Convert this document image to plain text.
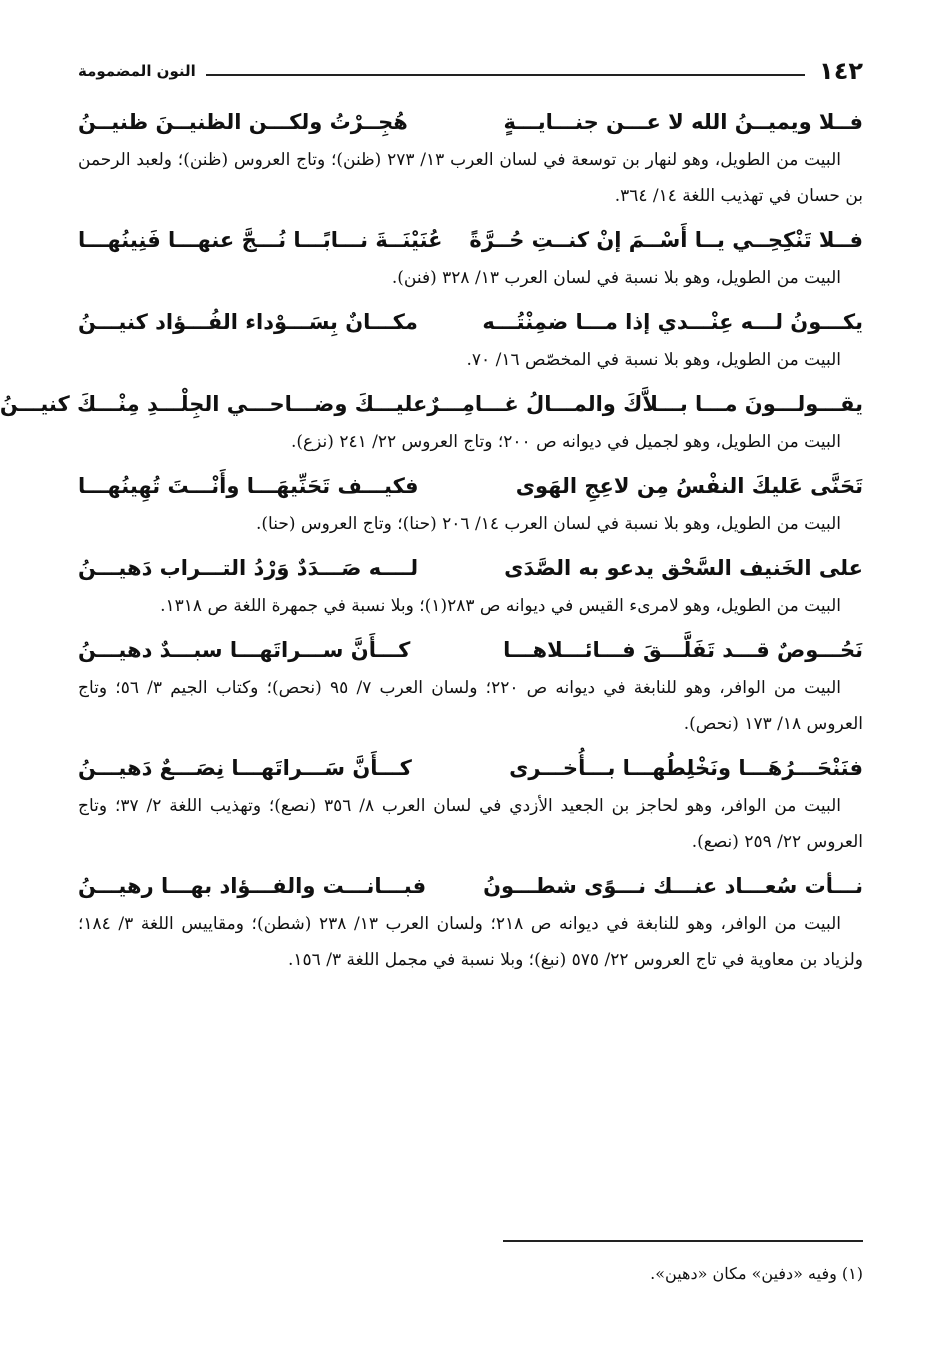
١٤٢
النون المضمومة
فــلا ويميــنُ الله لا عـــن جنـــايـــةٍ
هُجِــرْتُ ولكـــن الظنيــنَ ظنيــنُ

البيت من الطويل، وهو لنهار بن توسعة في لسان العرب ١٣/ ٢٧٣ (ظنن)؛ وتاج العروس (ظنن)؛ ولعبد الرحمن بن حسان في تهذيب اللغة ١٤/ ٣٦٤.

فــلا تَنْكِحِــي يــا أَسْــمَ إنْ كنــتِ حُــرَّةً
عُنَيْنَــةَ نـــابًـــا نُـــجَّ عنهـــا فَنِينُهـــا

البيت من الطويل، وهو بلا نسبة في لسان العرب ١٣/ ٣٢٨ (فنن).

يكـــونُ لـــه عِنْـــدي إذا مـــا ضمِنْتُـــه
مكـــانٌ بِسَـــوْداء الفُـــؤاد كنيـــنُ

البيت من الطويل، وهو بلا نسبة في المخصّص ١٦/ ٧٠.

يقـــولـــونَ مـــا بـــلاَّكَ والمـــالُ غـــامِـــرٌ
عليـــكَ وضـــاحـــي الجِلْـــدِ مِنْـــكَ كنيـــنُ

البيت من الطويل، وهو لجميل في ديوانه ص ٢٠٠؛ وتاج العروس ٢٢/ ٢٤١ (نزع).

تَحَنَّى عَليكَ النفْسُ مِن لاعِجِ الهَوى
فكيـــف تَحَنِّيهَـــا وأَنْـــتَ تُهِينُهـــا

البيت من الطويل، وهو بلا نسبة في لسان العرب ١٤/ ٢٠٦ (حنا)؛ وتاج العروس (حنا).

على الخَنيف السَّحْق يدعو به الصَّدَى
لــــه صَـــدَدٌ وَرْدُ التـــراب دَهيـــنُ

البيت من الطويل، وهو لامرىء القيس في ديوانه ص ٢٨٣(١)؛ وبلا نسبة في جمهرة اللغة ص ١٣١٨.

نَحُـــوصٌ قـــد تَفَلَّـــقَ فـــائـــلاهـــا
كـــأَنَّ ســـراتَهـــا سبـــدٌ دهيـــنُ

البيت من الوافر، وهو للنابغة في ديوانه ص ٢٢٠؛ ولسان العرب ٧/ ٩٥ (نحص)؛ وكتاب الجيم ٣/ ٥٦؛ وتاج العروس ١٨/ ١٧٣ (نحص).

فنَنْحَـــرُهَـــا ونَخْلِطُهـــا بـــأُخـــرى
كـــأَنَّ سَـــراتَهـــا نِصَـــعٌ دَهيـــنُ

البيت من الوافر، وهو لحاجز بن الجعيد الأزدي في لسان العرب ٨/ ٣٥٦ (نصع)؛ وتهذيب اللغة ٢/ ٣٧؛ وتاج العروس ٢٢/ ٢٥٩ (نصع).

نـــأت سُعـــاد عنـــك نـــوًى شطـــونُ
فبـــانـــت والفـــؤاد بهـــا رهيـــنُ

البيت من الوافر، وهو للنابغة في ديوانه ص ٢١٨؛ ولسان العرب ١٣/ ٢٣٨ (شطن)؛ ومقاييس اللغة ٣/ ١٨٤؛ ولزياد بن معاوية في تاج العروس ٢٢/ ٥٧٥ (نبغ)؛ وبلا نسبة في مجمل اللغة ٣/ ١٥٦.

(١) وفيه «دفين» مكان «دهين».
